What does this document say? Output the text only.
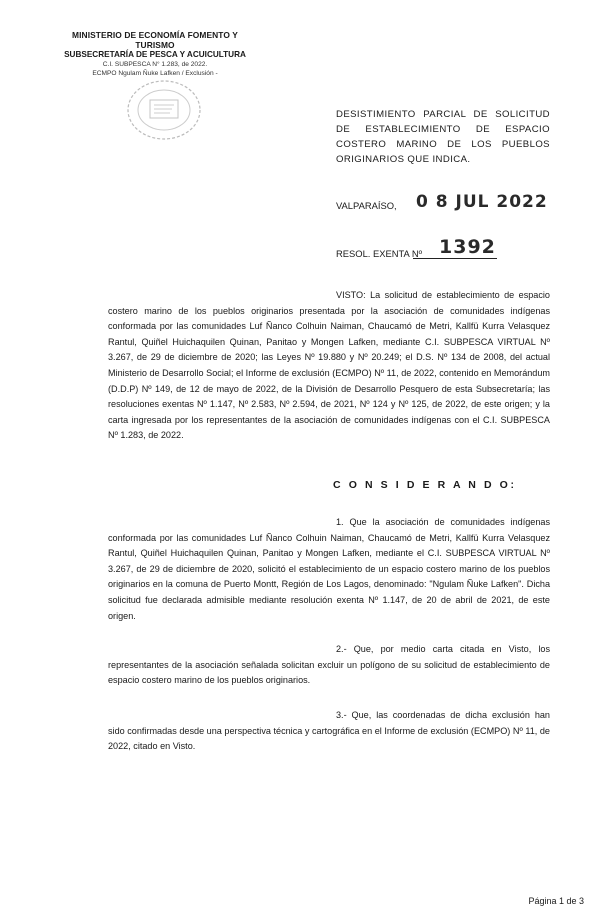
MINISTERIO DE ECONOMÍA FOMENTO Y TURISMO
SUBSECRETARÍA DE PESCA Y ACUICULTURA
C.I. SUBPESCA N° 1.283, de 2022.
ECMPO Ngulam Ñuke Lafken / Exclusión -
DESISTIMIENTO PARCIAL DE SOLICITUD DE ESTABLECIMIENTO DE ESPACIO COSTERO MARINO DE LOS PUEBLOS ORIGINARIOS QUE INDICA.
VALPARAÍSO, 0 8 JUL 2022
RESOL. EXENTA Nº 1392
VISTO: La solicitud de establecimiento de espacio costero marino de los pueblos originarios presentada por la asociación de comunidades indígenas conformada por las comunidades Luf Ñanco Colhuin Naiman, Chaucamó de Metri, Kallfü Kurra Velasquez Rantul, Quiñel Huichaquilen Quinan, Panitao y Mongen Lafken, mediante C.I. SUBPESCA VIRTUAL Nº 3.267, de 29 de diciembre de 2020; las Leyes Nº 19.880 y Nº 20.249; el D.S. Nº 134 de 2008, del actual Ministerio de Desarrollo Social; el Informe de exclusión (ECMPO) Nº 11, de 2022, contenido en Memorándum (D.D.P) Nº 149, de 12 de mayo de 2022, de la División de Desarrollo Pesquero de esta Subsecretaría; las resoluciones exentas Nº 1.147, Nº 2.583, Nº 2.594, de 2021, Nº 124 y Nº 125, de 2022, de este origen; y la carta ingresada por los representantes de la asociación de comunidades indígenas con el C.I. SUBPESCA Nº 1.283, de 2022.
C O N S I D E R A N D O:
1. Que la asociación de comunidades indígenas conformada por las comunidades Luf Ñanco Colhuin Naiman, Chaucamó de Metri, Kallfü Kurra Velasquez Rantul, Quiñel Huichaquilen Quinan, Panitao y Mongen Lafken, mediante el C.I. SUBPESCA VIRTUAL Nº 3.267, de 29 de diciembre de 2020, solicitó el establecimiento de un espacio costero marino de los pueblos originarios en la comuna de Puerto Montt, Región de Los Lagos, denominado: "Ngulam Ñuke Lafken". Dicha solicitud fue declarada admisible mediante resolución exenta Nº 1.147, de 20 de abril de 2021, de este origen.
2.- Que, por medio carta citada en Visto, los representantes de la asociación señalada solicitan excluir un polígono de su solicitud de establecimiento de espacio costero marino de los pueblos originarios.
3.- Que, las coordenadas de dicha exclusión han sido confirmadas desde una perspectiva técnica y cartográfica en el Informe de exclusión (ECMPO) Nº 11, de 2022, citado en Visto.
Página 1 de 3
